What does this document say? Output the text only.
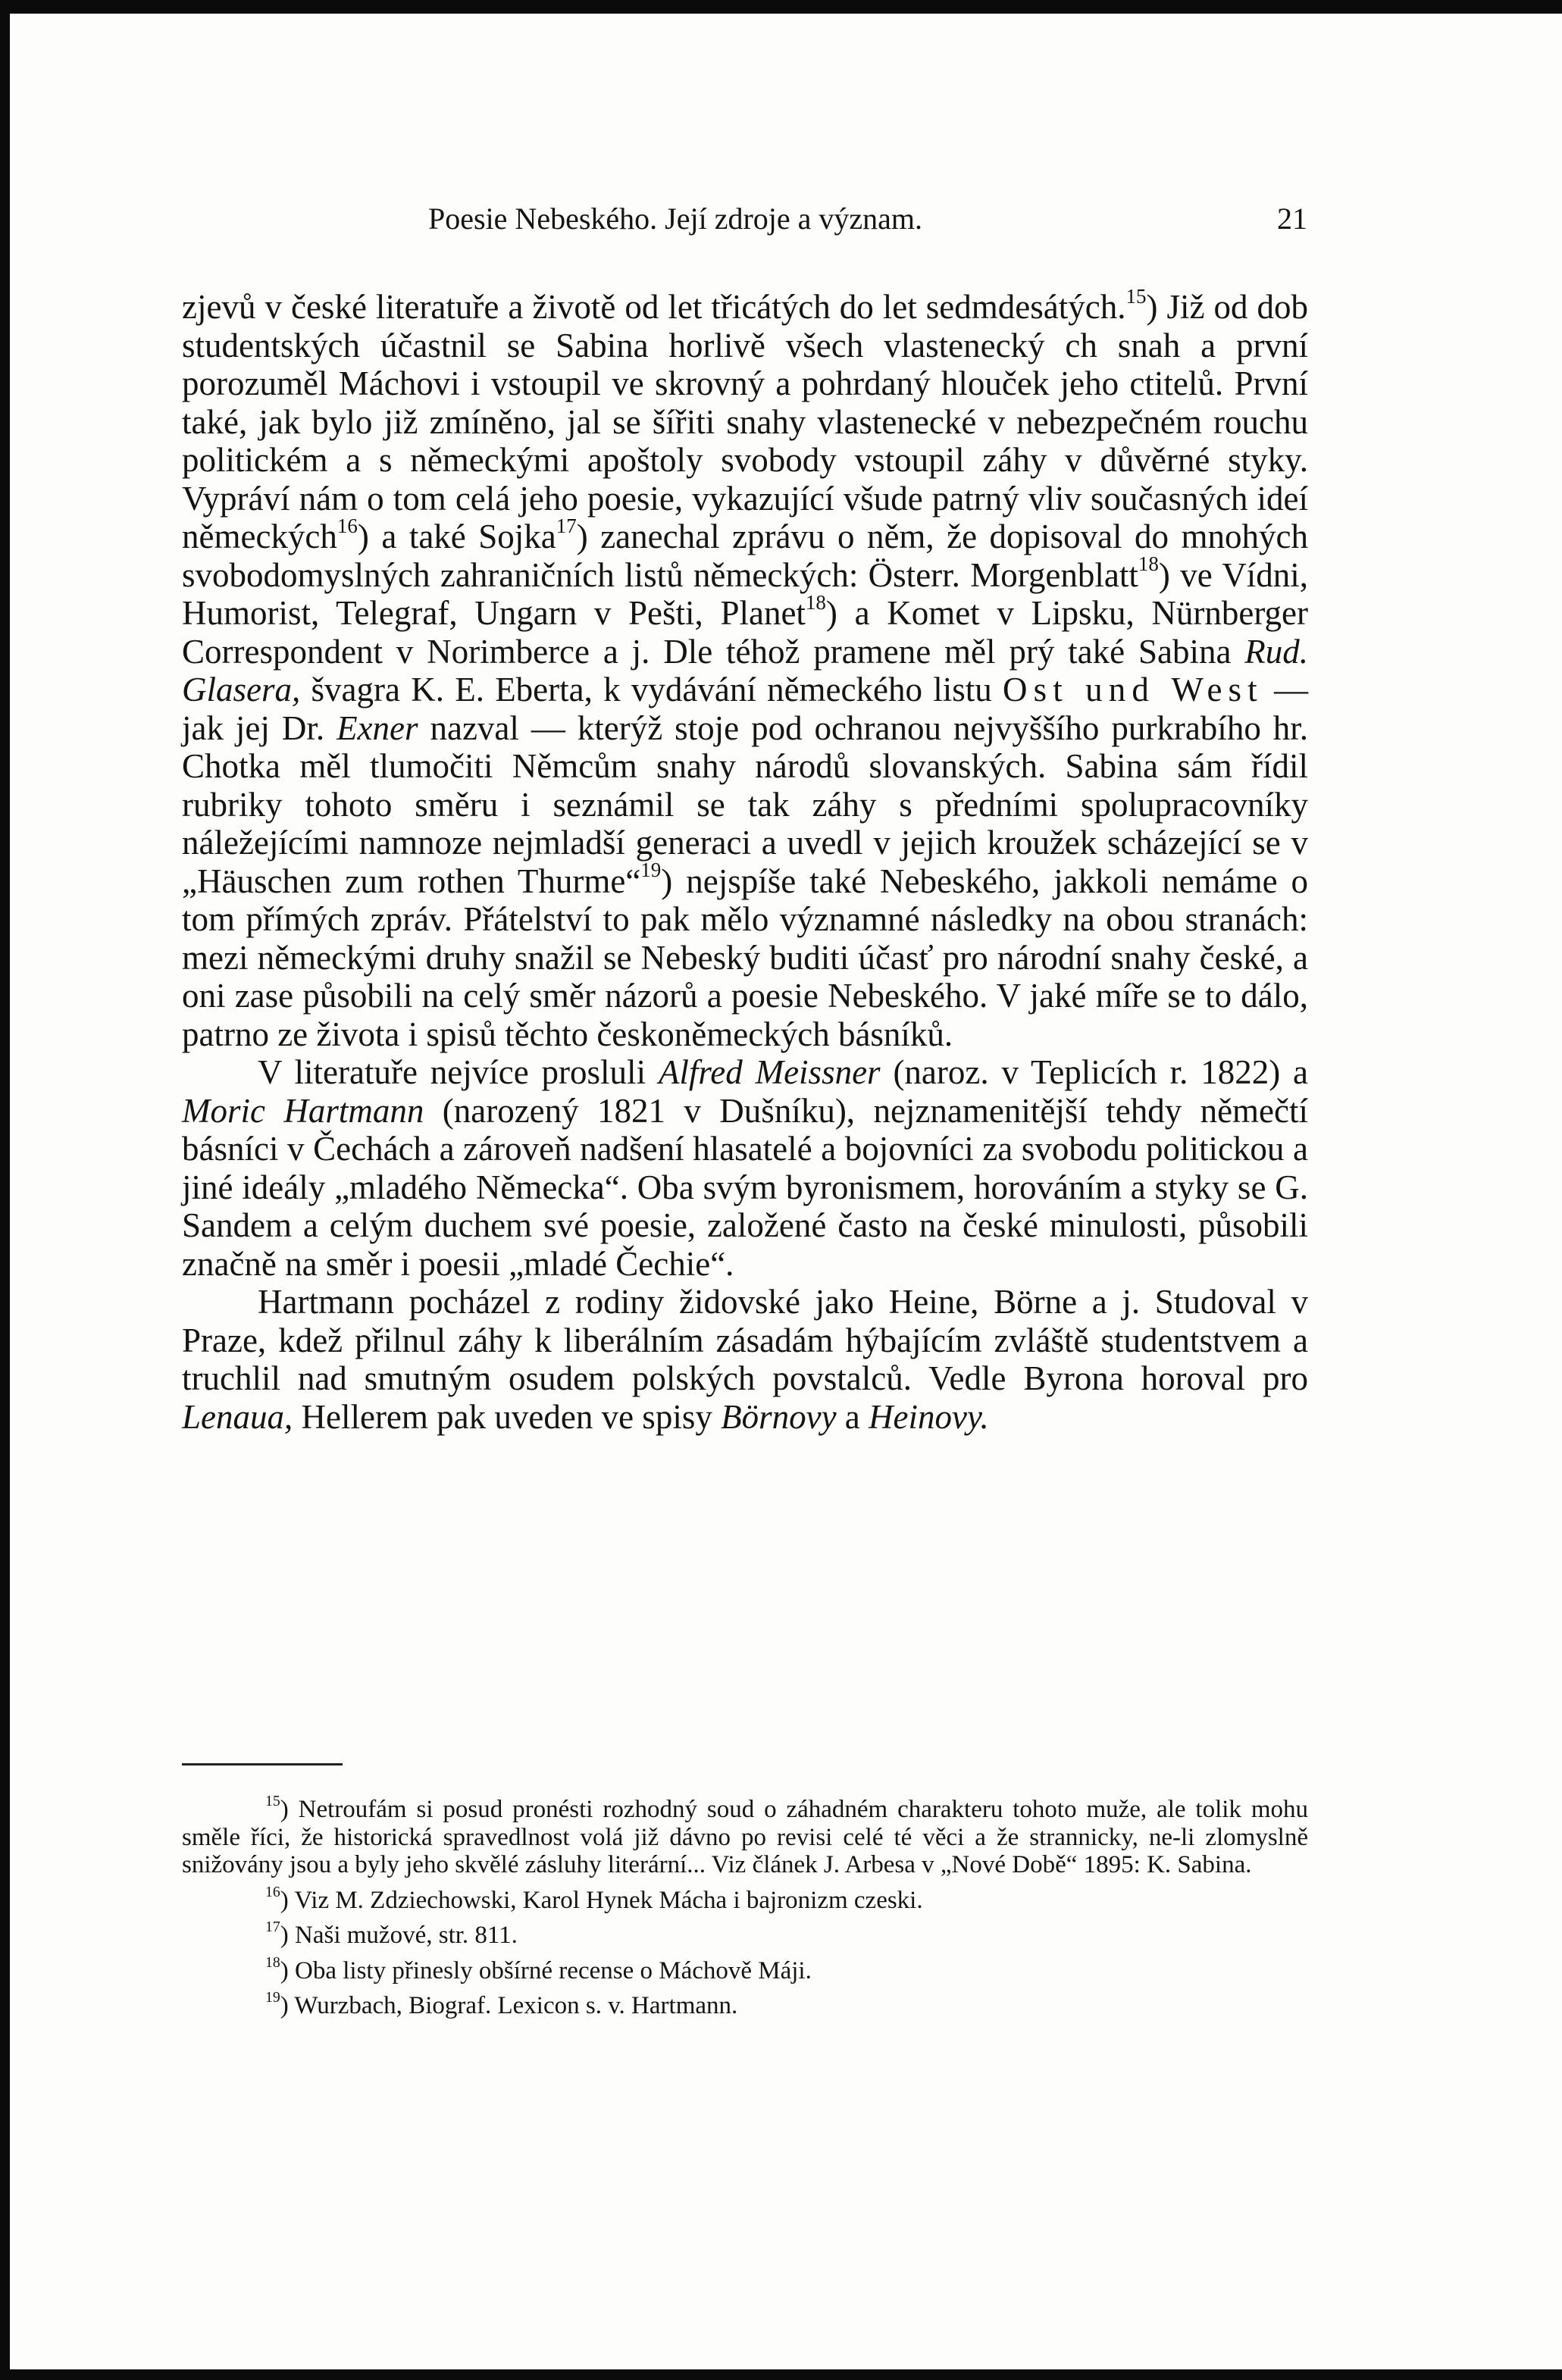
Poesie Nebeského. Její zdroje a význam.	21

zjevů v české literatuře a životě od let třicátých do let sedmdesátých.$^{15}$) Již od dob studentských účastnil se Sabina horlivě všech vlastenecký ch snah a první porozuměl Máchovi i vstoupil ve skrovný a pohrdaný hlouček jeho ctitelů. První také, jak bylo již zmíněno, jal se šířiti snahy vlastenecké v nebezpečném rouchu politickém a s německými apoštoly svobody vstoupil záhy v důvěrné styky. Vypráví nám o tom celá jeho poesie, vykazující všude patrný vliv současných ideí německých$^{16}$) a také Sojka$^{17}$) zanechal zprávu o něm, že dopisoval do mnohých svobodomyslných zahraničních listů německých: Österr. Morgenblatt$^{18}$) ve Vídni, Humorist, Telegraf, Ungarn v Pešti, Planet$^{18}$) a Komet v Lipsku, Nürnberger Correspondent v Norimberce a j. Dle téhož pramene měl prý také Sabina Rud. Glasera, švagra K. E. Eberta, k vydávání německého listu Ost und West — jak jej Dr. Exner nazval — kterýž stoje pod ochranou nejvyššího purkrabího hr. Chotka měl tlumočiti Němcům snahy národů slovanských. Sabina sám řídil rubriky tohoto směru i seznámil se tak záhy s předními spolupracovníky náležejícími namnoze nejmladší generaci a uvedl v jejich kroužek scházející se v „Häuschen zum rothen Thurme“$^{19}$) nejspíše také Nebeského, jakkoli nemáme o tom přímých zpráv. Přátelství to pak mělo významné následky na obou stranách: mezi německými druhy snažil se Nebeský buditi účasť pro národní snahy české, a oni zase působili na celý směr názorů a poesie Nebeského. V jaké míře se to dálo, patrno ze života i spisů těchto českoněmeckých básníků.

V literatuře nejvíce prosluli Alfred Meissner (naroz. v Teplicích r. 1822) a Moric Hartmann (narozený 1821 v Dušníku), nejznamenitější tehdy němečtí básníci v Čechách a zároveň nadšení hlasatelé a bojovníci za svobodu politickou a jiné ideály „mladého Německa“. Oba svým byronismem, horováním a styky se G. Sandem a celým duchem své poesie, založené často na české minulosti, působili značně na směr i poesii „mladé Čechie“.

Hartmann pocházel z rodiny židovské jako Heine, Börne a j. Studoval v Praze, kdež přilnul záhy k liberálním zásadám hýbajícím zvláště studentstvem a truchlil nad smutným osudem polských povstalců. Vedle Byrona horoval pro Lenaua, Hellerem pak uveden ve spisy Börnovy a Heinovy.

$^{15}$) Netroufám si posud pronésti rozhodný soud o záhadném charakteru tohoto muže, ale tolik mohu směle říci, že historická spravedlnost volá již dávno po revisi celé té věci a že strannicky, ne-li zlomyslně snižovány jsou a byly jeho skvělé zásluhy literární... Viz článek J. Arbesa v „Nové Době“ 1895: K. Sabina.

$^{16}$) Viz M. Zdziechowski, Karol Hynek Mácha i bajronizm czeski.

$^{17}$) Naši mužové, str. 811.

$^{18}$) Oba listy přinesly obšírné recense o Máchově Máji.

$^{19}$) Wurzbach, Biograf. Lexicon s. v. Hartmann.
